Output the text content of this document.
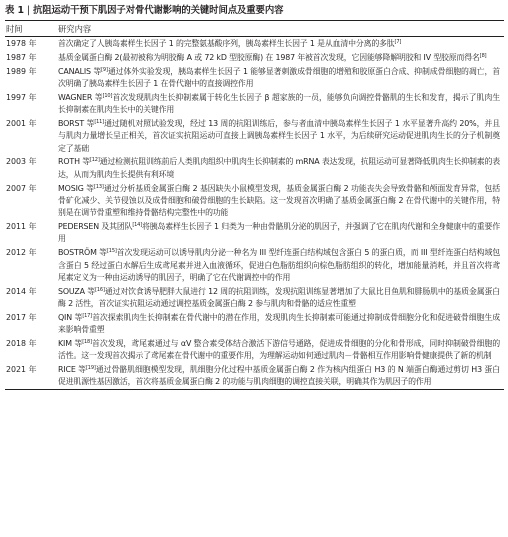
表 1 | 抗阻运动干预下肌因子对骨代谢影响的关键时间点及重要内容
时间	研究内容
1978 年	首次确定了人胰岛素样生长因子 1 的完整氨基酸序列，胰岛素样生长因子 1 是从血清中分离的多肽[7]
1987 年	基质金属蛋白酶 2(最初被称为明胶酶 A 或 72 kD 型胶原酶) 在 1987 年被首次发现，它因能够降解明胶和 IV 型胶原而得名[8]
1989 年	CANALIS 等[9]通过体外实验发现，胰岛素样生长因子 1 能够显著刺激成骨细胞的增殖和胶原蛋白合成、抑制成骨细胞的凋亡，首次明确了胰岛素样生长因子 1 在骨代谢中的直接调控作用
1997 年	WAGNER 等[10]首次发现肌肉生长抑制素属于转化生长因子 β 超家族的一员，能够负向调控骨骼肌的生长和发育，揭示了肌肉生长抑制素在肌肉生长中的关键作用
2001 年	BORST 等[11]通过随机对照试验发现，经过 13 周的抗阻训练后，参与者血清中胰岛素样生长因子 1 水平显著升高约 20%，并且与肌肉力量增长呈正相关，首次证实抗阻运动可直接上调胰岛素样生长因子 1 水平，为后续研究运动促进肌肉生长的分子机制奠定了基础
2003 年	ROTH 等[12]通过检测抗阻训练前后人类肌肉组织中肌肉生长抑制素的 mRNA 表达发现，抗阻运动可显著降低肌肉生长抑制素的表达，从而为肌肉生长提供有利环境
2007 年	MOSIG 等[13]通过分析基质金属蛋白酶 2 基因缺失小鼠模型发现，基质金属蛋白酶 2 功能丧失会导致骨骼和颅面发育异常，包括骨矿化减少、关节侵蚀以及成骨细胞和破骨细胞的生长缺陷。这一发现首次明确了基质金属蛋白酶 2 在骨代谢中的关键作用，特别是在调节骨重塑和维持骨骼结构完整性中的功能
2011 年	PEDERSEN 及其团队[14]将胰岛素样生长因子 1 归类为一种由骨骼肌分泌的肌因子，并强调了它在肌肉代谢和全身健康中的重要作用
2012 年	BOSTRÖM 等[15]首次发现运动可以诱导肌肉分泌一种名为 III 型纤连蛋白结构域包含蛋白 5 的蛋白质，而 III 型纤连蛋白结构域包含蛋白 5 经过蛋白水解后生成鸢尾素并进入血液循环，促进白色脂肪组织向棕色脂肪组织的转化，增加能量消耗，并且首次将鸢尾素定义为一种由运动诱导的肌因子，明确了它在代谢调控中的作用
2014 年	SOUZA 等[16]通过对饮食诱导肥胖大鼠进行 12 周的抗阻训练，发现抗阻训练显著增加了大鼠比目鱼肌和腓肠肌中的基质金属蛋白酶 2 活性，首次证实抗阻运动通过调控基质金属蛋白酶 2 参与肌肉和骨骼的适应性重塑
2017 年	QIN 等[17]首次探索肌肉生长抑制素在骨代谢中的潜在作用，发现肌肉生长抑制素可能通过抑制成骨细胞分化和促进破骨细胞生成来影响骨重塑
2018 年	KIM 等[18]首次发现，鸢尾素通过与 αV 整合素受体结合激活下游信号通路，促进成骨细胞的分化和骨形成，同时抑制破骨细胞的活性。这一发现首次揭示了鸢尾素在骨代谢中的重要作用，为理解运动如何通过肌肉－骨骼相互作用影响骨健康提供了新的机制
2021 年	RICE 等[19]通过骨骼肌细胞模型发现，肌细胞分化过程中基质金属蛋白酶 2 作为核内组蛋白 H3 的 N 端蛋白酶通过剪切 H3 蛋白促进肌源性基因激活，首次将基质金属蛋白酶 2 的功能与肌肉细胞的调控直接关联，明确其作为肌因子的作用
